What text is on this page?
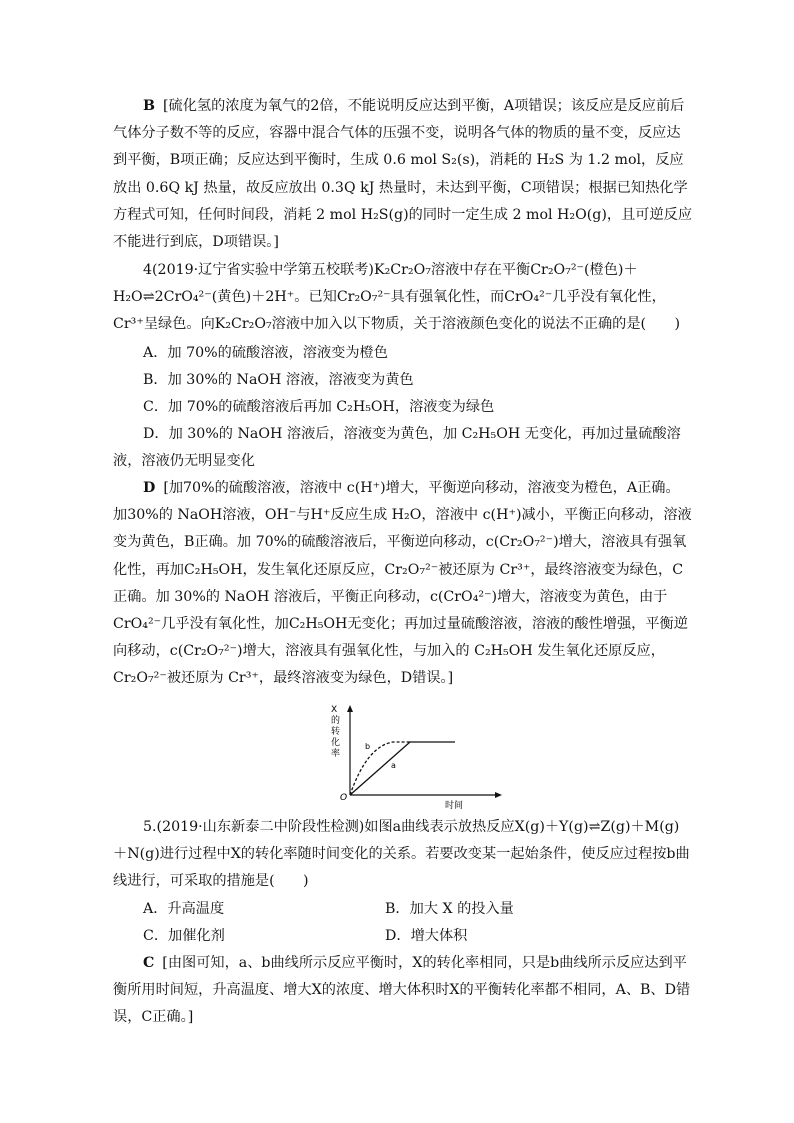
B [硫化氢的浓度为氧气的2倍，不能说明反应达到平衡，A项错误；该反应是反应前后气体分子数不等的反应，容器中混合气体的压强不变，说明各气体的物质的量不变，反应达到平衡，B项正确；反应达到平衡时，生成 0.6 mol S₂(s)，消耗的 H₂S 为 1.2 mol，反应放出 0.6Q kJ 热量，故反应放出 0.3Q kJ 热量时，未达到平衡，C项错误；根据已知热化学方程式可知，任何时间段，消耗 2 mol H₂S(g)的同时一定生成 2 mol H₂O(g)，且可逆反应不能进行到底，D项错误。]

4(2019·辽宁省实验中学第五校联考)K₂Cr₂O₇溶液中存在平衡Cr₂O₇²⁻(橙色)＋H₂O⇌2CrO₄²⁻(黄色)＋2H⁺。已知Cr₂O₇²⁻具有强氧化性，而CrO₄²⁻几乎没有氧化性，Cr³⁺呈绿色。向K₂Cr₂O₇溶液中加入以下物质，关于溶液颜色变化的说法不正确的是(　　)

A．加 70%的硫酸溶液，溶液变为橙色
B．加 30%的 NaOH 溶液，溶液变为黄色
C．加 70%的硫酸溶液后再加 C₂H₅OH，溶液变为绿色

D．加 30%的 NaOH 溶液后，溶液变为黄色，加 C₂H₅OH 无变化，再加过量硫酸溶液，溶液仍无明显变化

D [加70%的硫酸溶液，溶液中 c(H⁺)增大，平衡逆向移动，溶液变为橙色，A正确。加30%的 NaOH溶液，OH⁻与H⁺反应生成 H₂O，溶液中 c(H⁺)减小，平衡正向移动，溶液变为黄色，B正确。加 70%的硫酸溶液后，平衡逆向移动，c(Cr₂O₇²⁻)增大，溶液具有强氧化性，再加C₂H₅OH，发生氧化还原反应，Cr₂O₇²⁻被还原为 Cr³⁺，最终溶液变为绿色，C 正确。加 30%的 NaOH 溶液后，平衡正向移动，c(CrO₄²⁻)增大，溶液变为黄色，由于 CrO₄²⁻几乎没有氧化性，加C₂H₅OH无变化；再加过量硫酸溶液，溶液的酸性增强，平衡逆向移动，c(Cr₂O₇²⁻)增大，溶液具有强氧化性，与加入的 C₂H₅OH 发生氧化还原反应，Cr₂O₇²⁻被还原为 Cr³⁺，最终溶液变为绿色，D错误。]

X
的
转
化
率
O
时间
a
b

5.(2019·山东新泰二中阶段性检测)如图a曲线表示放热反应X(g)＋Y(g)⇌Z(g)＋M(g)＋N(g)进行过程中X的转化率随时间变化的关系。若要改变某一起始条件，使反应过程按b曲线进行，可采取的措施是(　　)

A．升高温度	B．加大 X 的投入量
C．加催化剂	D．增大体积

C [由图可知，a、b曲线所示反应平衡时，X的转化率相同，只是b曲线所示反应达到平衡所用时间短，升高温度、增大X的浓度、增大体积时X的平衡转化率都不相同，A、B、D错误，C正确。]
